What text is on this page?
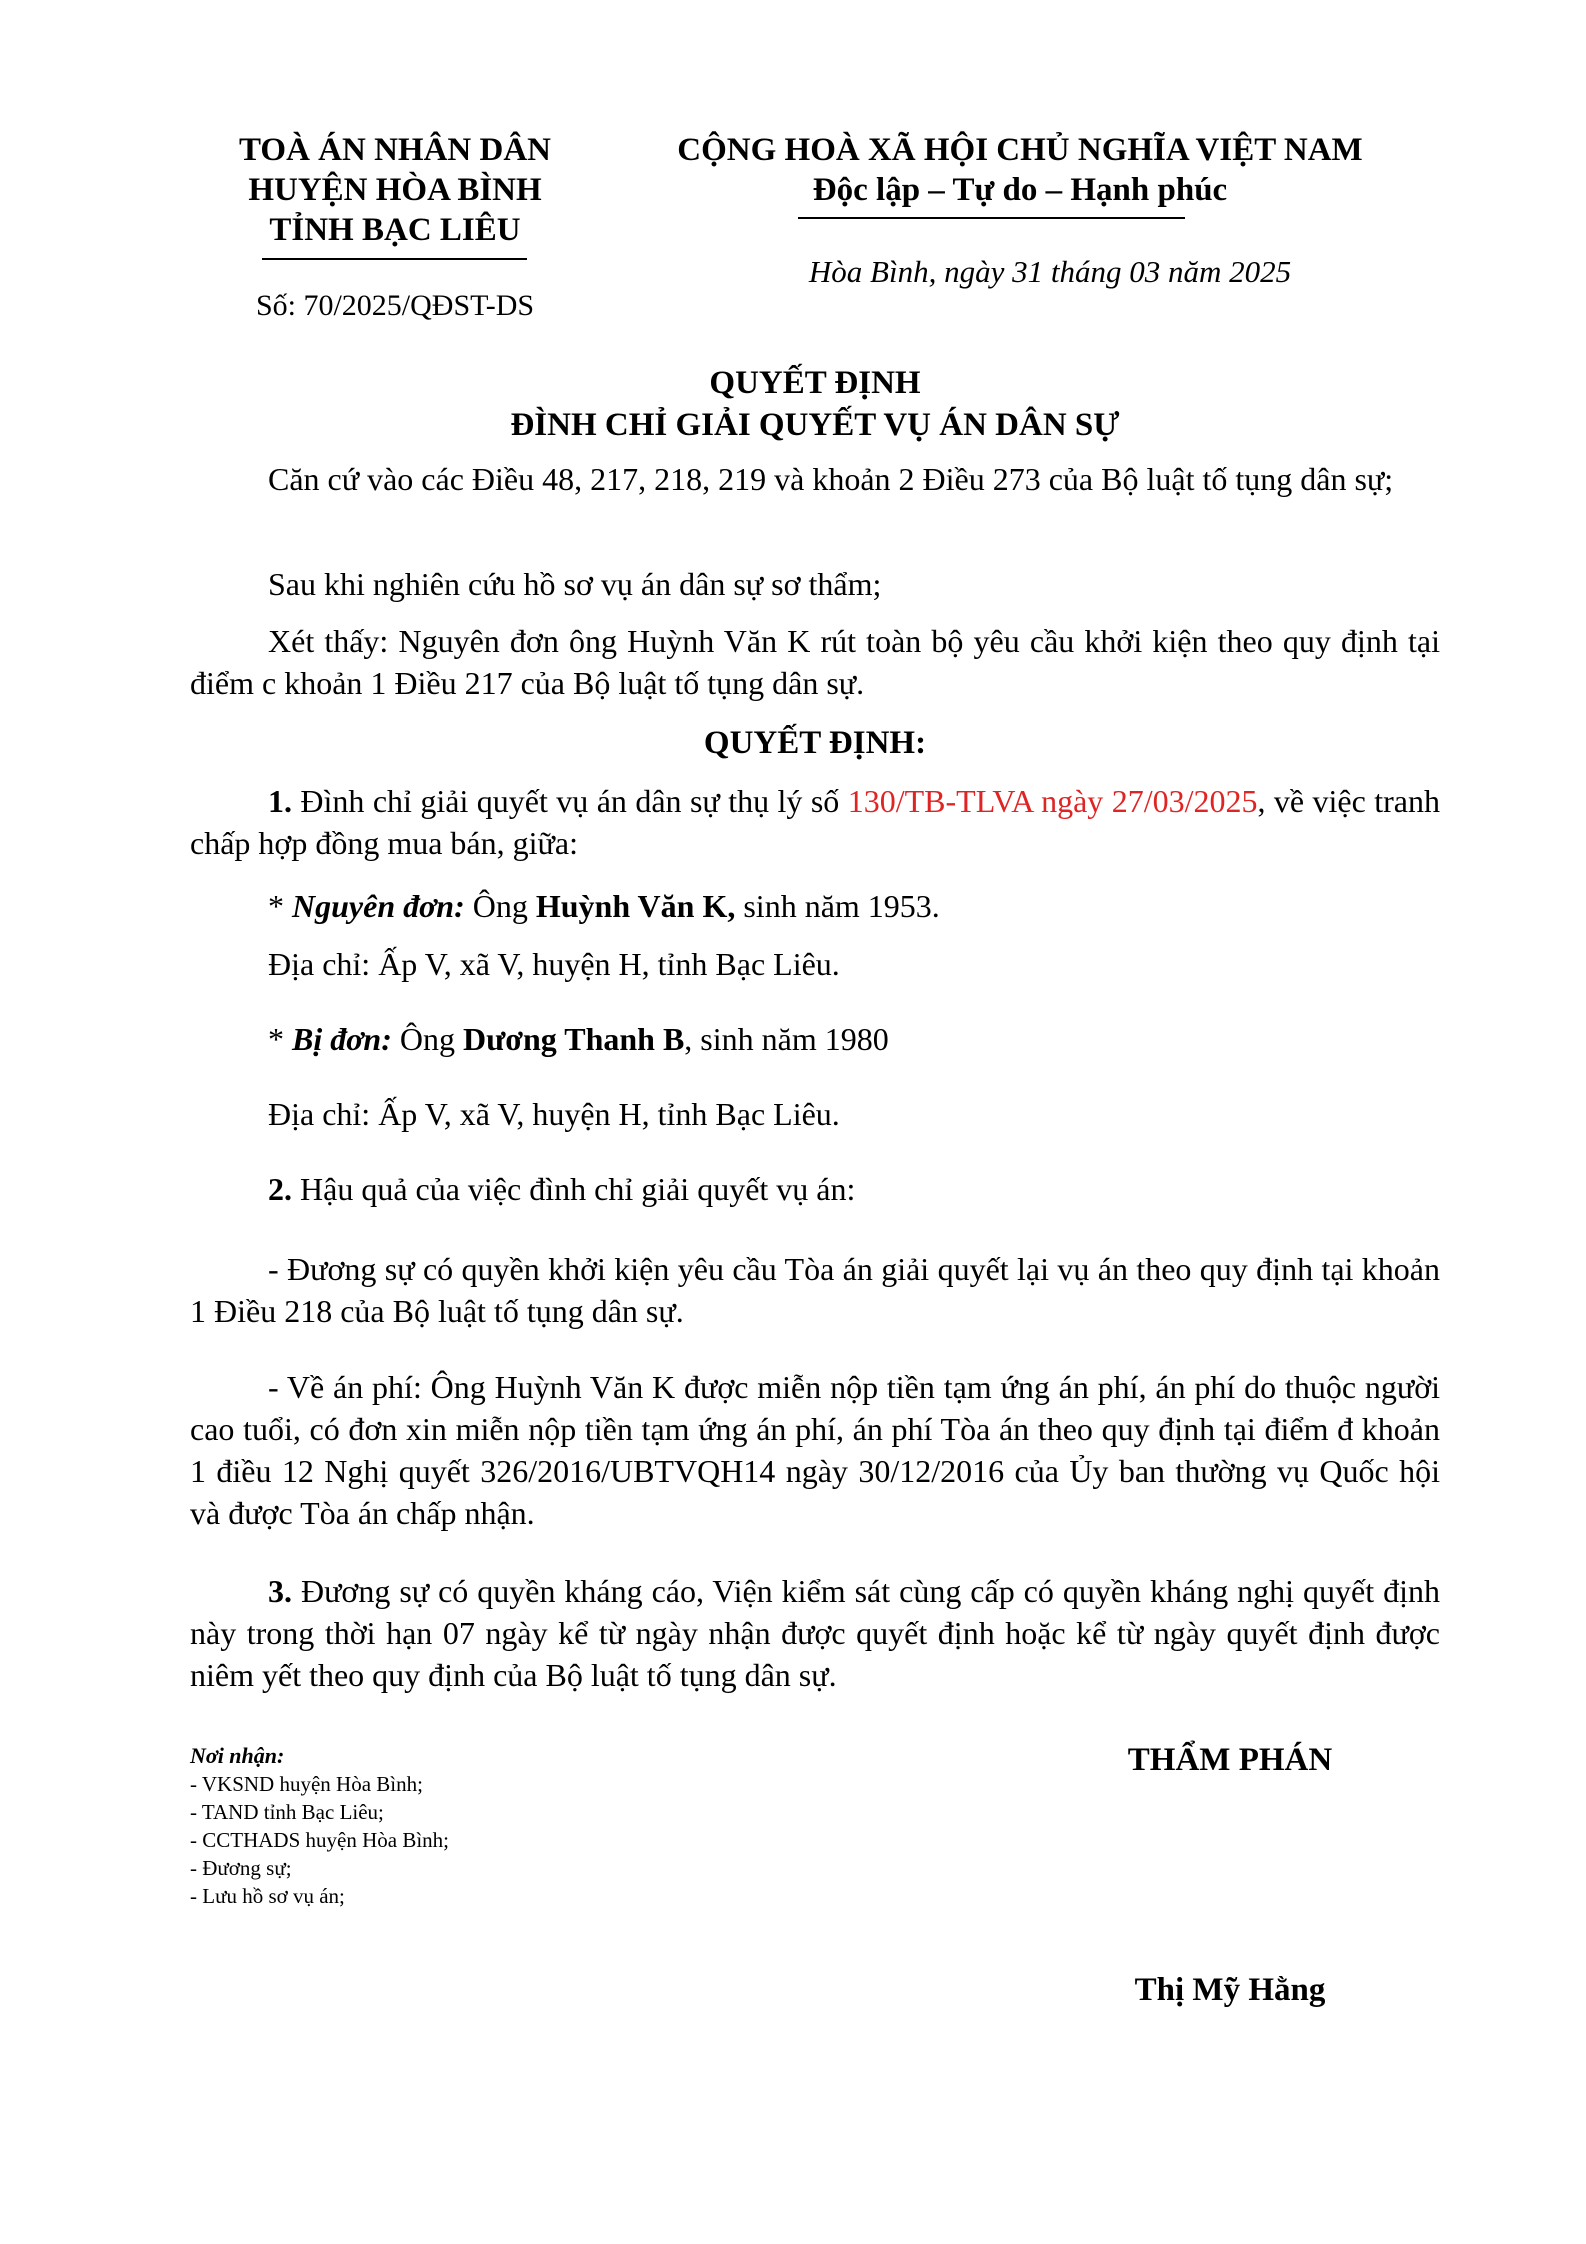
TOÀ ÁN NHÂN DÂN
HUYỆN HÒA BÌNH
TỈNH BẠC LIÊU
Số: 70/2025/QĐST-DS
CỘNG HOÀ XÃ HỘI CHỦ NGHĨA VIỆT NAM
Độc lập – Tự do – Hạnh phúc
Hòa Bình, ngày 31 tháng 03 năm 2025
QUYẾT ĐỊNH
ĐÌNH CHỈ GIẢI QUYẾT VỤ ÁN DÂN SỰ
Căn cứ vào các Điều 48, 217, 218, 219 và khoản 2 Điều 273 của Bộ luật tố tụng dân sự;
Sau khi nghiên cứu hồ sơ vụ án dân sự sơ thẩm;
Xét thấy: Nguyên đơn ông Huỳnh Văn K rút toàn bộ yêu cầu khởi kiện theo quy định tại điểm c khoản 1 Điều 217 của Bộ luật tố tụng dân sự.
QUYẾT ĐỊNH:
1. Đình chỉ giải quyết vụ án dân sự thụ lý số 130/TB-TLVA ngày 27/03/2025, về việc tranh chấp hợp đồng mua bán, giữa:
* Nguyên đơn: Ông Huỳnh Văn K, sinh năm 1953.
Địa chỉ: Ấp V, xã V, huyện H, tỉnh Bạc Liêu.
* Bị đơn: Ông Dương Thanh B, sinh năm 1980
Địa chỉ: Ấp V, xã V, huyện H, tỉnh Bạc Liêu.
2. Hậu quả của việc đình chỉ giải quyết vụ án:
- Đương sự có quyền khởi kiện yêu cầu Tòa án giải quyết lại vụ án theo quy định tại khoản 1 Điều 218 của Bộ luật tố tụng dân sự.
- Về án phí: Ông Huỳnh Văn K được miễn nộp tiền tạm ứng án phí, án phí do thuộc người cao tuổi, có đơn xin miễn nộp tiền tạm ứng án phí, án phí Tòa án theo quy định tại điểm đ khoản 1 điều 12 Nghị quyết 326/2016/UBTVQH14 ngày 30/12/2016 của Ủy ban thường vụ Quốc hội và được Tòa án chấp nhận.
3. Đương sự có quyền kháng cáo, Viện kiểm sát cùng cấp có quyền kháng nghị quyết định này trong thời hạn 07 ngày kể từ ngày nhận được quyết định hoặc kể từ ngày quyết định được niêm yết theo quy định của Bộ luật tố tụng dân sự.
Nơi nhận:
- VKSND huyện Hòa Bình;
- TAND tỉnh Bạc Liêu;
- CCTHADS huyện Hòa Bình;
- Đương sự;
- Lưu hồ sơ vụ án;
THẨM PHÁN
Thị Mỹ Hằng
